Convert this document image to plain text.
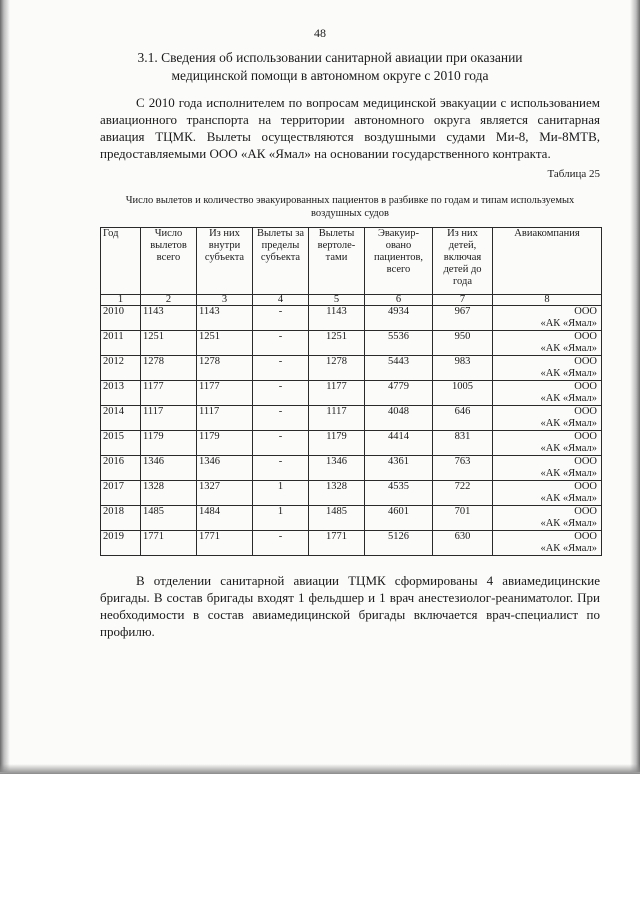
48
3.1. Сведения об использовании санитарной авиации при оказании
медицинской помощи в автономном округе с 2010 года

С 2010 года исполнителем по вопросам медицинской эвакуации с использованием авиационного транспорта на территории автономного округа является санитарная авиация ТЦМК. Вылеты осуществляются воздушными судами Ми-8, Ми-8МТВ, предоставляемыми ООО «АК «Ямал» на основании государственного контракта.

Таблица 25
Число вылетов и количество эвакуированных пациентов в разбивке по годам и типам используемых воздушных судов
Год	Число вылетов всего	Из них внутри субъекта	Вылеты за пределы субъекта	Вылеты вертоле-тами	Эвакуир-овано пациентов, всего	Из них детей, включая детей до года	Авиакомпания
1	2	3	4	5	6	7	8
2010	1143	1143	-	1143	4934	967	ООО
«АК «Ямал»

2011	1251	1251	-	1251	5536	950	ООО
«АК «Ямал»

2012	1278	1278	-	1278	5443	983	ООО
«АК «Ямал»

2013	1177	1177	-	1177	4779	1005	ООО
«АК «Ямал»

2014	1117	1117	-	1117	4048	646	ООО
«АК «Ямал»

2015	1179	1179	-	1179	4414	831	ООО
«АК «Ямал»

2016	1346	1346	-	1346	4361	763	ООО
«АК «Ямал»

2017	1328	1327	1	1328	4535	722	ООО
«АК «Ямал»

2018	1485	1484	1	1485	4601	701	ООО
«АК «Ямал»

2019	1771	1771	-	1771	5126	630	ООО
«АК «Ямал»

В отделении санитарной авиации ТЦМК сформированы 4 авиамедицинские бригады. В состав бригады входят 1 фельдшер и 1 врач анестезиолог-реаниматолог. При необходимости в состав авиамедицинской бригады включается врач-специалист по профилю.
